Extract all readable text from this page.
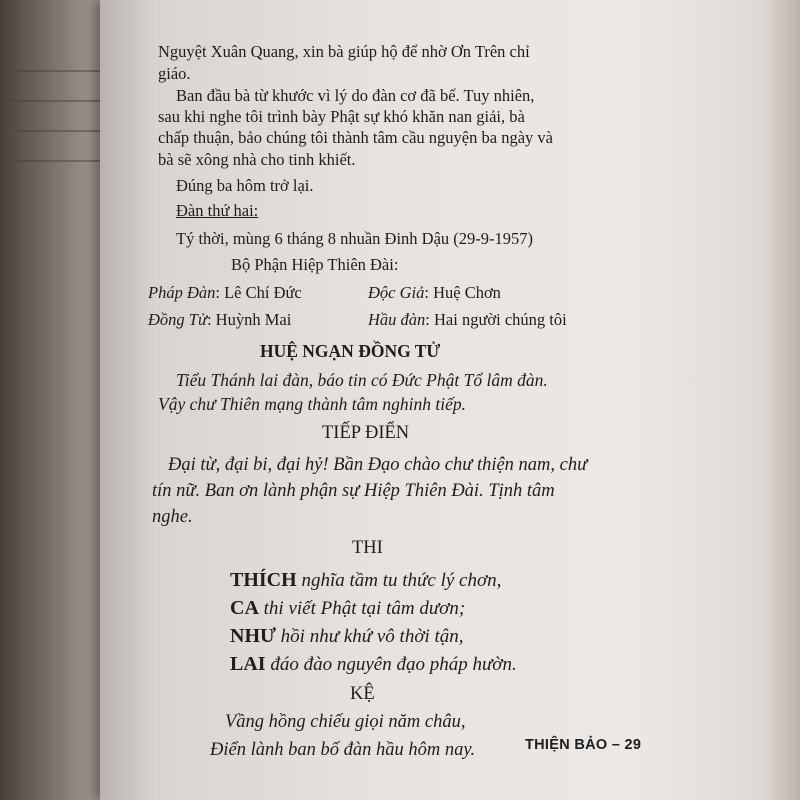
Nguyệt Xuân Quang, xin bà giúp hộ để nhờ Ơn Trên chỉ
giáo.
Ban đầu bà từ khước vì lý do đàn cơ đã bế. Tuy nhiên,
sau khi nghe tôi trình bày Phật sự khó khăn nan giải, bà
chấp thuận, bảo chúng tôi thành tâm cầu nguyện ba ngày và
bà sẽ xông nhà cho tinh khiết.
Đúng ba hôm trở lại.
Đàn thứ hai:
Tý thời, mùng 6 tháng 8 nhuần Đinh Dậu (29-9-1957)
Bộ Phận Hiệp Thiên Đài:
Pháp Đàn: Lê Chí Đức	Độc Giả: Huệ Chơn
Đồng Tử: Huỳnh Mai	Hầu đàn: Hai người chúng tôi
HUỆ NGẠN ĐỒNG TỬ
Tiểu Thánh lai đàn, báo tin có Đức Phật Tổ lâm đàn.
Vậy chư Thiên mạng thành tâm nghinh tiếp.
TIẾP ĐIỂN
Đại từ, đại bi, đại hỷ! Bần Đạo chào chư thiện nam, chư
tín nữ. Ban ơn lành phận sự Hiệp Thiên Đài. Tịnh tâm
nghe.
THI
THÍCH nghĩa tầm tu thức lý chơn,
CA thi viết Phật tại tâm dươn;
NHƯ hồi như khứ vô thời tận,
LAI đáo đào nguyên đạo pháp hườn.
KỆ
Vầng hồng chiếu giọi năm châu,
Điển lành ban bố đàn hầu hôm nay.	THIỆN BẢO – 29
